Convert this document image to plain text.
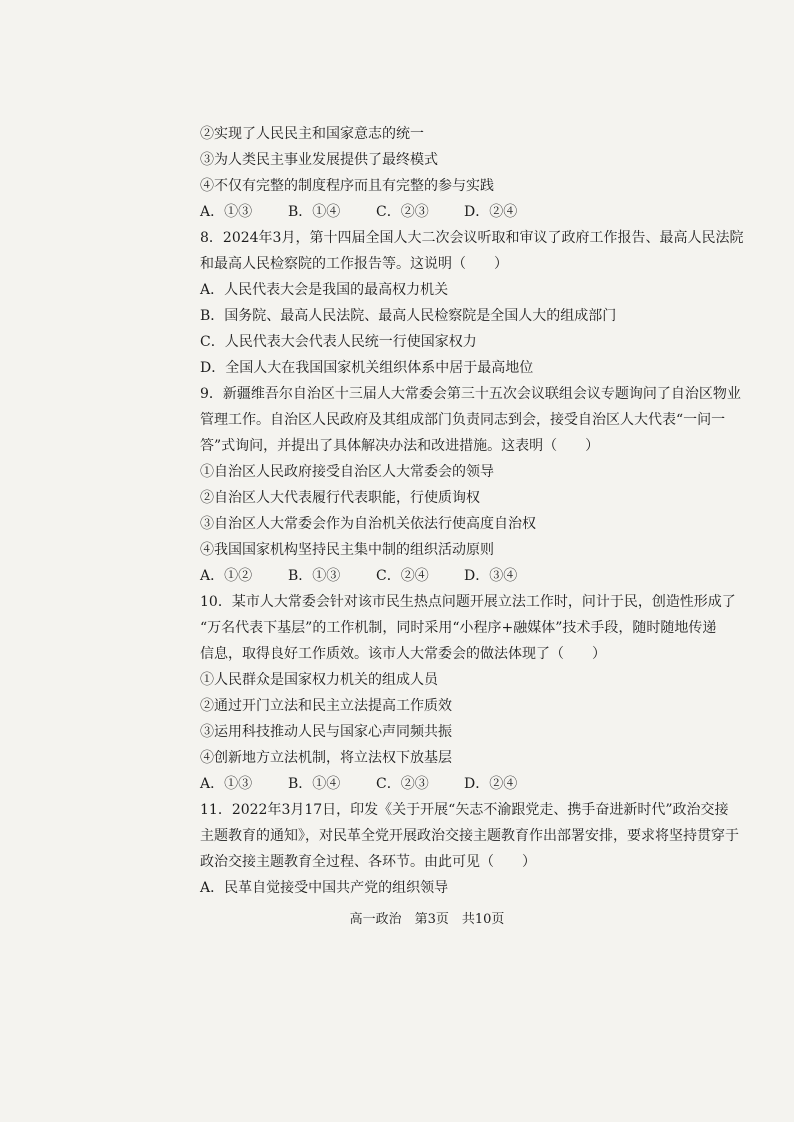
②实现了人民民主和国家意志的统一
③为人类民主事业发展提供了最终模式
④不仅有完整的制度程序而且有完整的参与实践
A．①③	B．①④	C．②③	D．②④
8．2024年3月，第十四届全国人大二次会议听取和审议了政府工作报告、最高人民法院
和最高人民检察院的工作报告等。这说明（　　）
A．人民代表大会是我国的最高权力机关
B．国务院、最高人民法院、最高人民检察院是全国人大的组成部门
C．人民代表大会代表人民统一行使国家权力
D．全国人大在我国国家机关组织体系中居于最高地位
9．新疆维吾尔自治区十三届人大常委会第三十五次会议联组会议专题询问了自治区物业
管理工作。自治区人民政府及其组成部门负责同志到会，接受自治区人大代表“一问一
答”式询问，并提出了具体解决办法和改进措施。这表明（　　）
①自治区人民政府接受自治区人大常委会的领导
②自治区人大代表履行代表职能，行使质询权
③自治区人大常委会作为自治机关依法行使高度自治权
④我国国家机构坚持民主集中制的组织活动原则
A．①②	B．①③	C．②④	D．③④
10．某市人大常委会针对该市民生热点问题开展立法工作时，问计于民，创造性形成了
“万名代表下基层”的工作机制，同时采用“小程序+融媒体”技术手段，随时随地传递
信息，取得良好工作质效。该市人大常委会的做法体现了（　　）
①人民群众是国家权力机关的组成人员
②通过开门立法和民主立法提高工作质效
③运用科技推动人民与国家心声同频共振
④创新地方立法机制，将立法权下放基层
A．①③	B．①④	C．②③	D．②④
11．2022年3月17日，印发《关于开展“矢志不渝跟党走、携手奋进新时代”政治交接
主题教育的通知》，对民革全党开展政治交接主题教育作出部署安排，要求将坚持贯穿于
政治交接主题教育全过程、各环节。由此可见（　　）
A．民革自觉接受中国共产党的组织领导
高一政治　第3页　共10页
